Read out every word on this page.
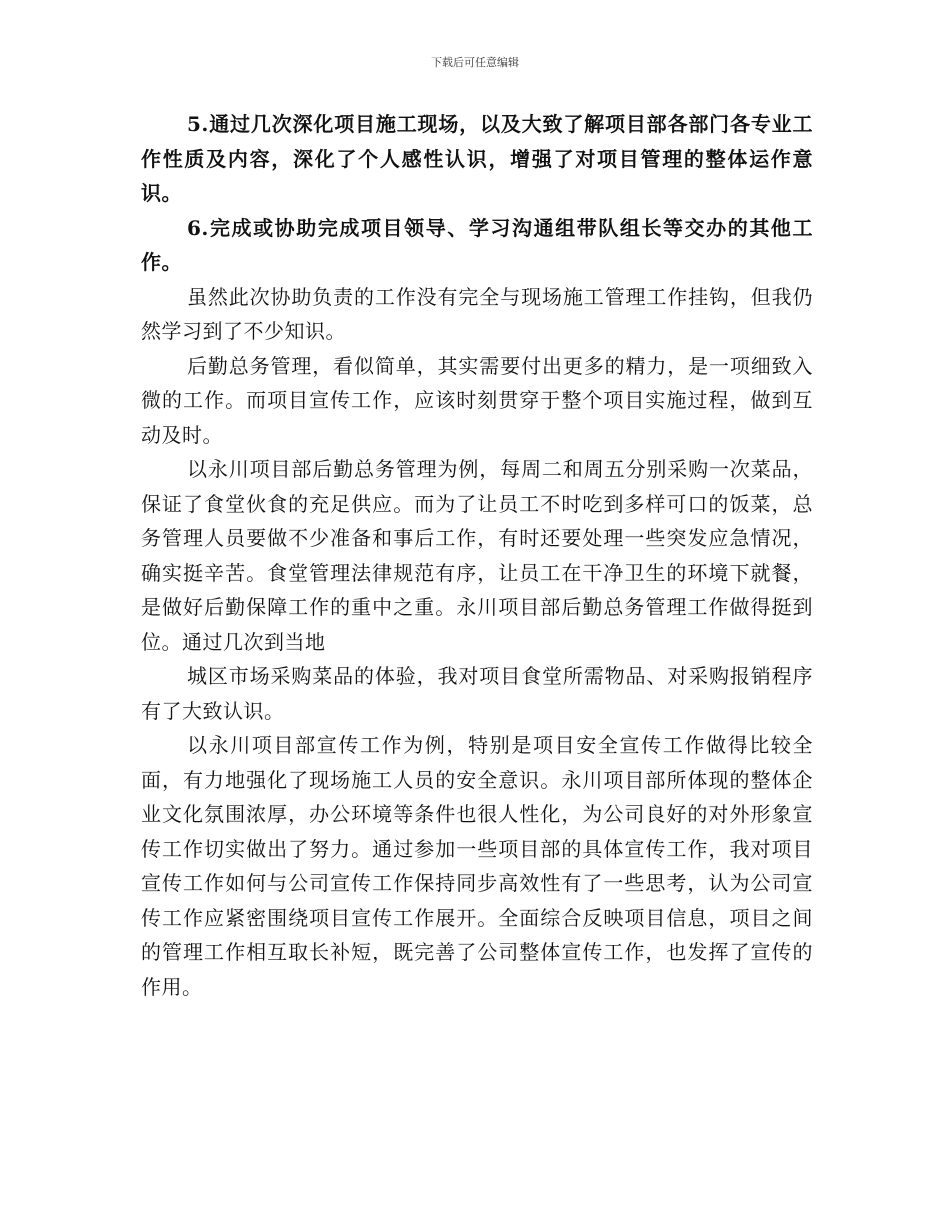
下载后可任意编辑

5.通过几次深化项目施工现场，以及大致了解项目部各部门各专业工作性质及内容，深化了个人感性认识，增强了对项目管理的整体运作意识。

6.完成或协助完成项目领导、学习沟通组带队组长等交办的其他工作。

虽然此次协助负责的工作没有完全与现场施工管理工作挂钩，但我仍然学习到了不少知识。

后勤总务管理，看似简单，其实需要付出更多的精力，是一项细致入微的工作。而项目宣传工作，应该时刻贯穿于整个项目实施过程，做到互动及时。

以永川项目部后勤总务管理为例，每周二和周五分别采购一次菜品，保证了食堂伙食的充足供应。而为了让员工不时吃到多样可口的饭菜，总务管理人员要做不少准备和事后工作，有时还要处理一些突发应急情况，确实挺辛苦。食堂管理法律规范有序，让员工在干净卫生的环境下就餐，是做好后勤保障工作的重中之重。永川项目部后勤总务管理工作做得挺到位。通过几次到当地

城区市场采购菜品的体验，我对项目食堂所需物品、对采购报销程序有了大致认识。

以永川项目部宣传工作为例，特别是项目安全宣传工作做得比较全面，有力地强化了现场施工人员的安全意识。永川项目部所体现的整体企业文化氛围浓厚，办公环境等条件也很人性化，为公司良好的对外形象宣传工作切实做出了努力。通过参加一些项目部的具体宣传工作，我对项目宣传工作如何与公司宣传工作保持同步高效性有了一些思考，认为公司宣传工作应紧密围绕项目宣传工作展开。全面综合反映项目信息，项目之间的管理工作相互取长补短，既完善了公司整体宣传工作，也发挥了宣传的作用。
